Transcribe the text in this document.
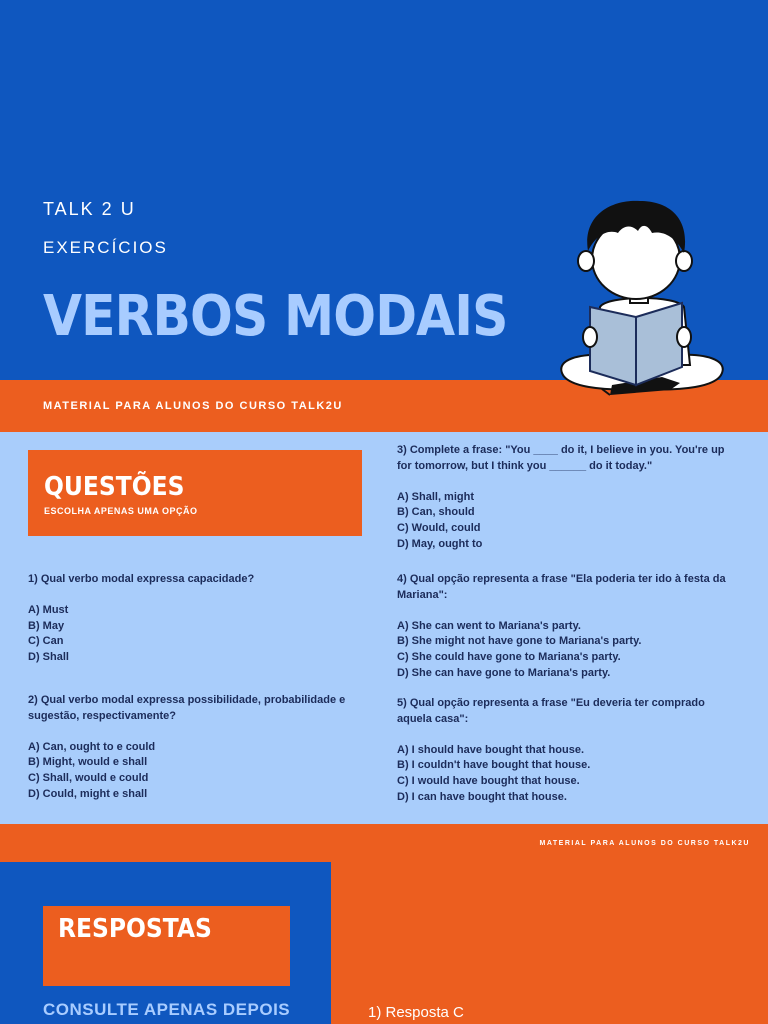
TALK 2 U
EXERCÍCIOS
VERBOS MODAIS
MATERIAL PARA ALUNOS DO CURSO TALK2U
QUESTÕES
ESCOLHA APENAS UMA OPÇÃO
1) Qual verbo modal expressa capacidade?
A) Must
B) May
C) Can
D) Shall
2) Qual verbo modal expressa possibilidade, probabilidade e sugestão, respectivamente?
A) Can, ought to e could
B) Might, would e shall
C) Shall, would e could
D) Could, might e shall
3) Complete a frase: "You ____ do it, I believe in you. You're up for tomorrow, but I think you ______ do it today."
A) Shall, might
B) Can, should
C) Would, could
D) May, ought to
4) Qual opção representa a frase "Ela poderia ter ido à festa da Mariana":
A) She can went to Mariana's party.
B) She might not have gone to Mariana's party.
C) She could have gone to Mariana's party.
D) She can have gone to Mariana's party.
5) Qual opção representa a frase "Eu deveria ter comprado aquela casa":
A) I should have bought that house.
B) I couldn't have bought that house.
C) I would have bought that house.
D) I can have bought that house.
MATERIAL PARA ALUNOS DO CURSO TALK2U
RESPOSTAS
CONSULTE APENAS DEPOIS	1) Resposta C
